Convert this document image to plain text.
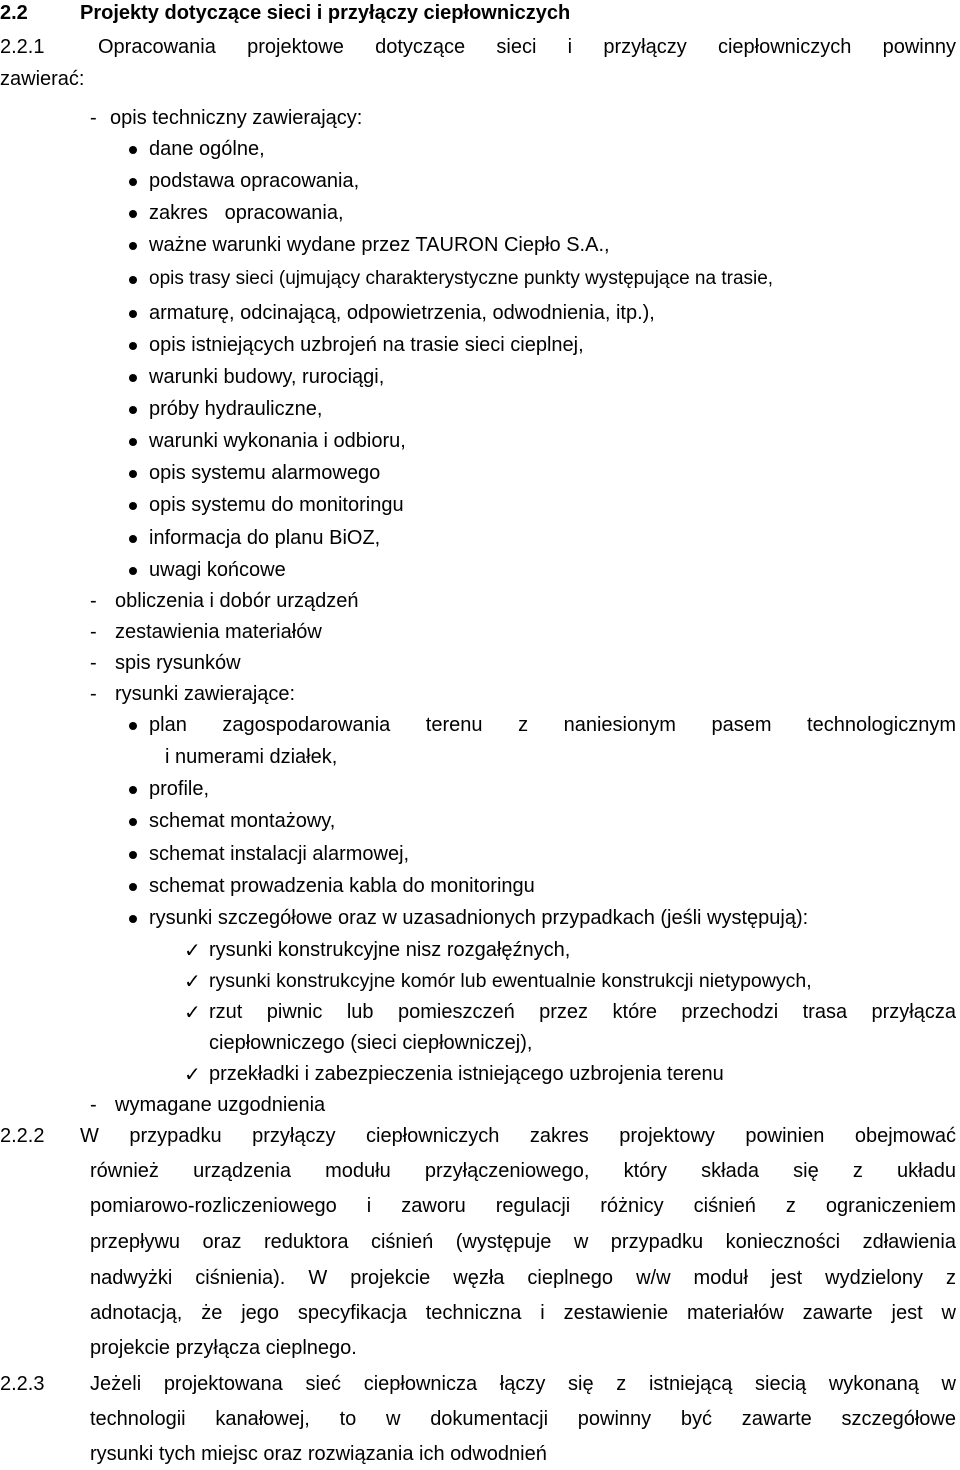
2.2	Projekty dotyczące sieci i przyłączy ciepłowniczych
2.2.1	Opracowania projektowe dotyczące sieci i przyłączy ciepłowniczych powinny
zawierać:
- opis techniczny zawierający:
dane ogólne,
podstawa opracowania,
zakres   opracowania,
ważne warunki wydane przez TAURON Ciepło S.A.,
opis trasy sieci (ujmujący charakterystyczne punkty występujące na trasie,
armaturę, odcinającą, odpowietrzenia, odwodnienia, itp.),
opis istniejących uzbrojeń na trasie sieci cieplnej,
warunki budowy, rurociągi,
próby hydrauliczne,
warunki wykonania i odbioru,
opis systemu alarmowego
opis systemu do monitoringu
informacja do planu BiOZ,
uwagi końcowe
- obliczenia i dobór urządzeń
- zestawienia materiałów
- spis rysunków
- rysunki zawierające:
plan zagospodarowania terenu z naniesionym pasem technologicznym
i numerami działek,
profile,
schemat montażowy,
schemat instalacji alarmowej,
schemat prowadzenia kabla do monitoringu
rysunki szczegółowe oraz w uzasadnionych przypadkach (jeśli występują):
✓ rysunki konstrukcyjne nisz rozgałęźnych,
✓ rysunki konstrukcyjne komór lub ewentualnie konstrukcji nietypowych,
✓ rzut piwnic lub pomieszczeń przez które przechodzi trasa przyłącza
ciepłowniczego (sieci ciepłowniczej),
✓ przekładki i zabezpieczenia istniejącego uzbrojenia terenu
- wymagane uzgodnienia
2.2.2 W przypadku przyłączy ciepłowniczych zakres projektowy powinien obejmować
również urządzenia modułu przyłączeniowego, który składa się z układu
pomiarowo-rozliczeniowego i zaworu regulacji różnicy ciśnień z ograniczeniem
przepływu oraz reduktora ciśnień (występuje w przypadku konieczności zdławienia
nadwyżki ciśnienia). W projekcie węzła cieplnego w/w moduł jest wydzielony z
adnotacją, że jego specyfikacja techniczna i zestawienie materiałów zawarte jest w
projekcie przyłącza cieplnego.
2.2.3 Jeżeli projektowana sieć ciepłownicza łączy się z istniejącą siecią wykonaną w
technologii kanałowej, to w dokumentacji powinny być zawarte szczegółowe
rysunki tych miejsc oraz rozwiązania ich odwodnień
